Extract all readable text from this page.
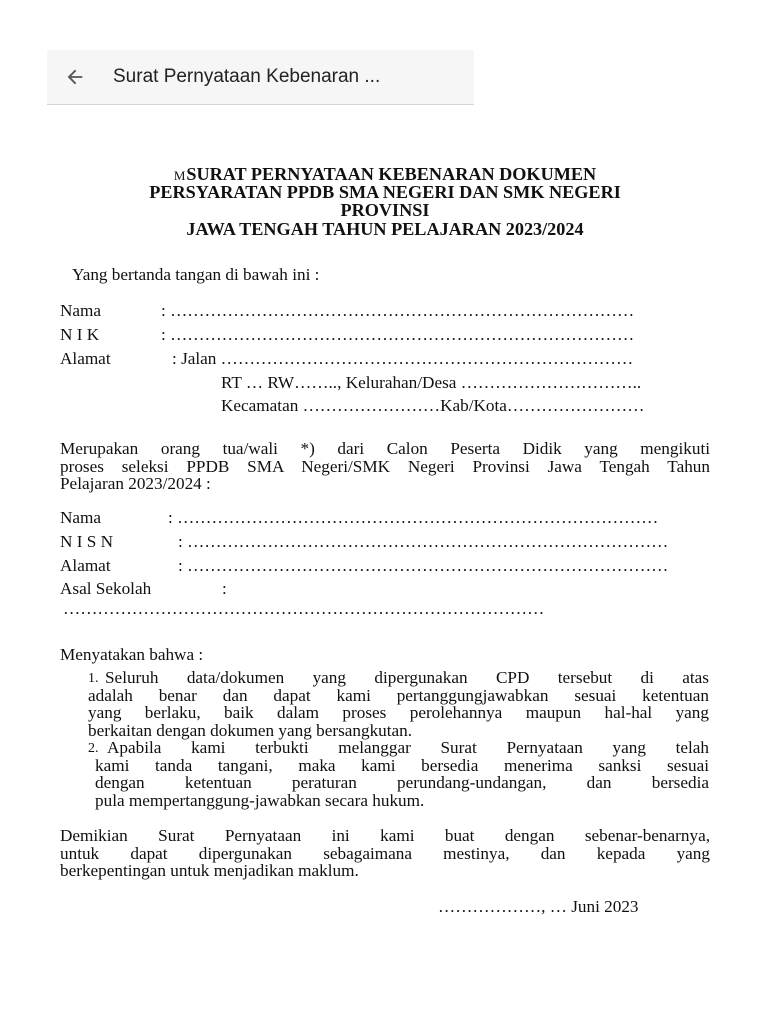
Surat Pernyataan Kebenaran ...
MSURAT PERNYATAAN KEBENARAN DOKUMEN
PERSYARATAN PPDB SMA NEGERI DAN SMK NEGERI
PROVINSI
JAWA TENGAH TAHUN PELAJARAN 2023/2024
Yang bertanda tangan di bawah ini :
Nama	: ………………………………………………………………………
N I K	: ………………………………………………………………………
Alamat	: Jalan ………………………………………………………………
RT … RW…….., Kelurahan/Desa …………………………..
Kecamatan ……………………Kab/Kota……………………
Merupakan orang tua/wali *) dari Calon Peserta Didik yang mengikuti
proses seleksi PPDB SMA Negeri/SMK Negeri Provinsi Jawa Tengah Tahun
Pelajaran 2023/2024 :
Nama	: …………………………………………………………………………
N I S N	: …………………………………………………………………………
Alamat	: …………………………………………………………………………
Asal Sekolah	:
…………………………………………………………………………
Menyatakan bahwa :
1. Seluruh data/dokumen yang dipergunakan CPD tersebut di atas
adalah benar dan dapat kami pertanggungjawabkan sesuai ketentuan
yang berlaku, baik dalam proses perolehannya maupun hal-hal yang
berkaitan dengan dokumen yang bersangkutan.
2. Apabila kami terbukti melanggar Surat Pernyataan yang telah
kami tanda tangani, maka kami bersedia menerima sanksi sesuai
dengan ketentuan peraturan perundang-undangan, dan bersedia
pula mempertanggung-jawabkan secara hukum.
Demikian Surat Pernyataan ini kami buat dengan sebenar-benarnya,
untuk dapat dipergunakan sebagaimana mestinya, dan kepada yang
berkepentingan untuk menjadikan maklum.
………………, … Juni 2023
